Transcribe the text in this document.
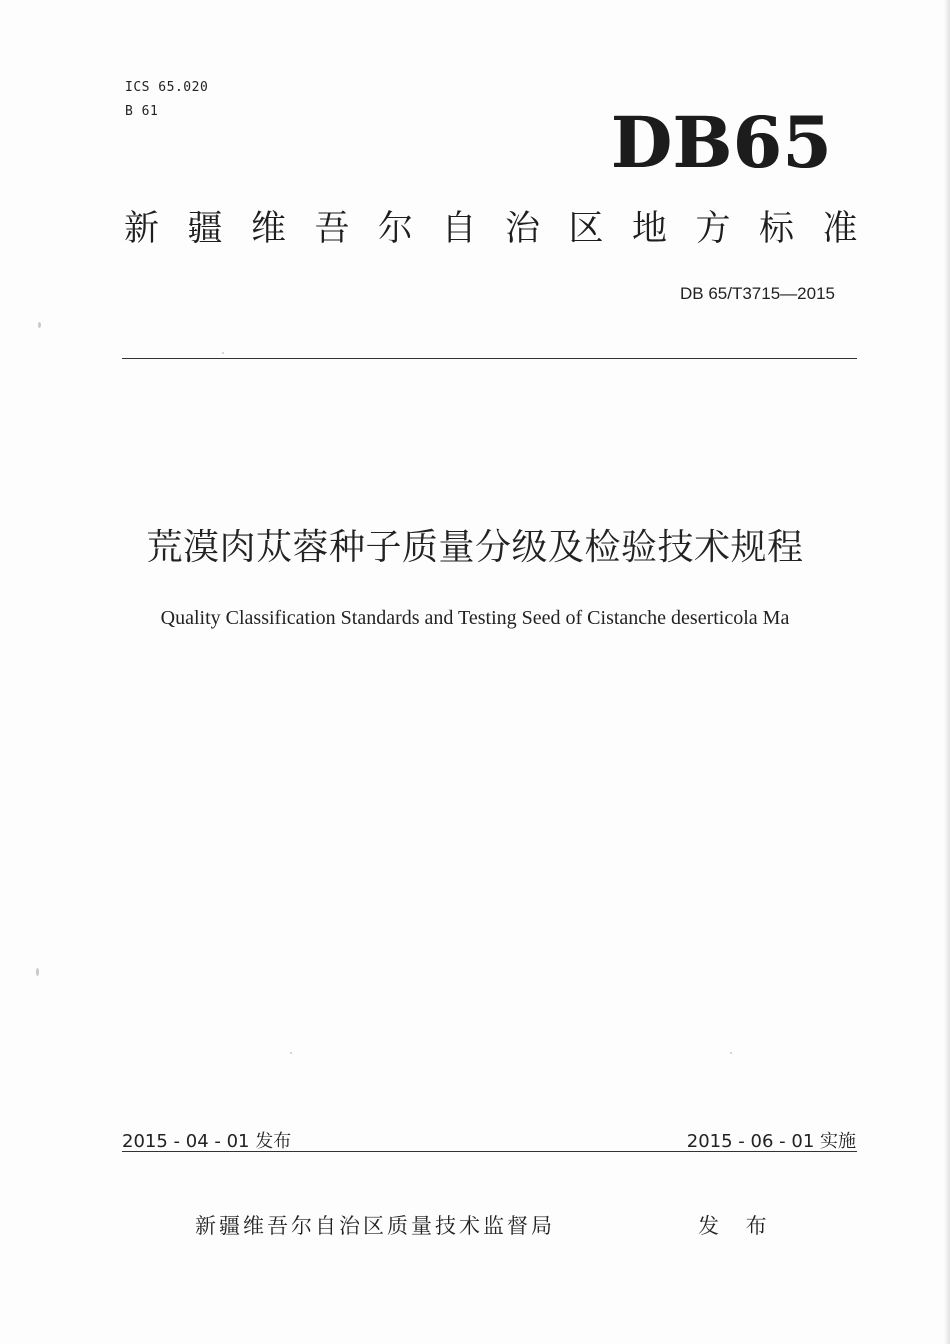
ICS 65.020
B 61	DB65
新疆维吾尔自治区地方标准
DB 65/T3715—2015
荒漠肉苁蓉种子质量分级及检验技术规程
Quality Classification Standards and Testing Seed of Cistanche deserticola Ma
2015 - 04 - 01 发布	2015 - 06 - 01 实施
新疆维吾尔自治区质量技术监督局	发 布
